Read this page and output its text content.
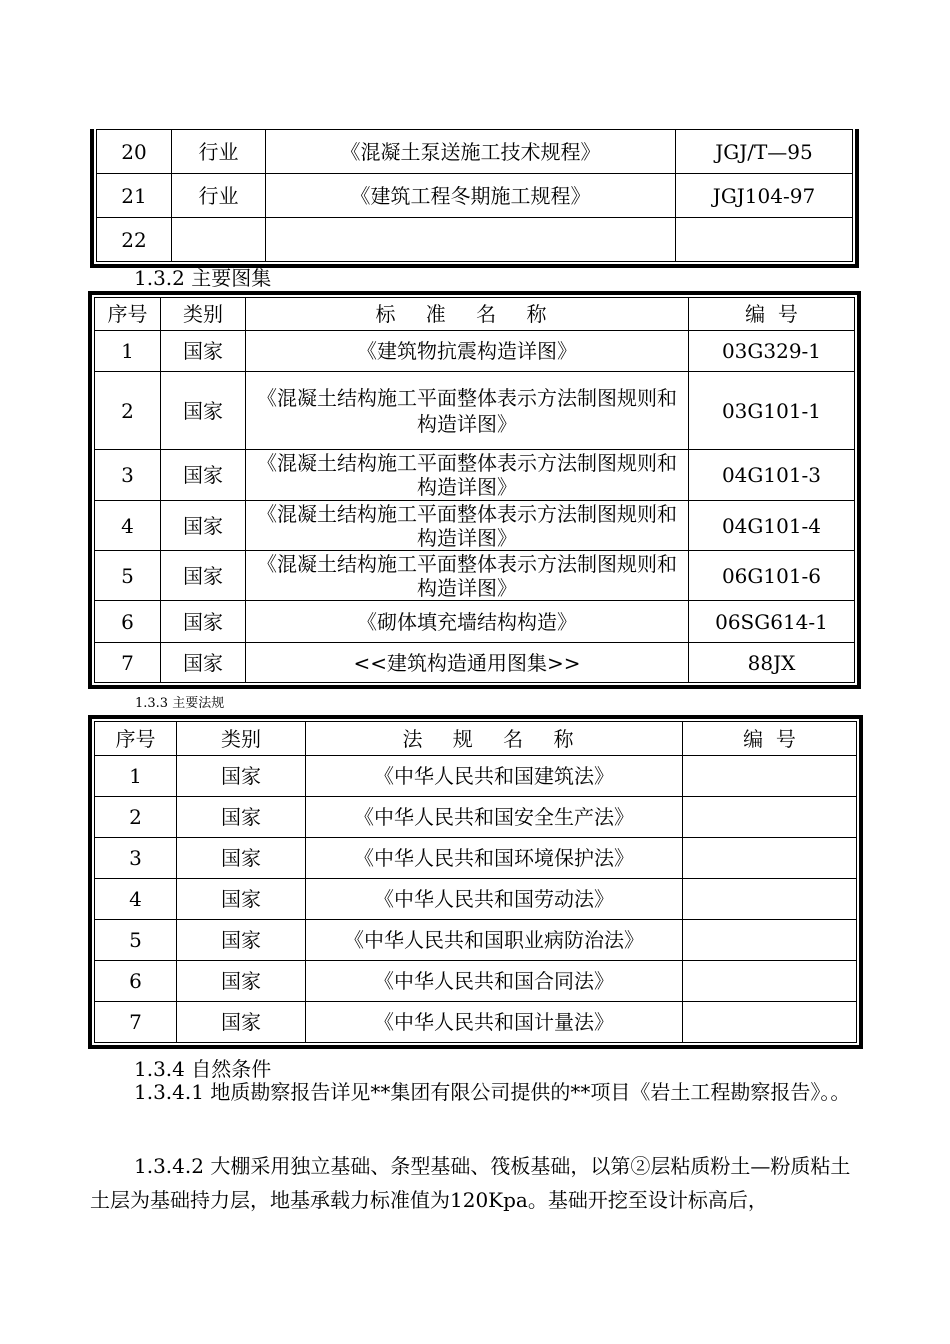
20	行业	《混凝土泵送施工技术规程》	JGJ/T—95
21	行业	《建筑工程冬期施工规程》	JGJ104-97
22			
1.3.2 主要图集
序号	类别	标 准 名 称	编  号
1	国家	《建筑物抗震构造详图》	03G329-1
2	国家	《混凝土结构施工平面整体表示方法制图规则和构造详图》	03G101-1
3	国家	《混凝土结构施工平面整体表示方法制图规则和构造详图》	04G101-3
4	国家	《混凝土结构施工平面整体表示方法制图规则和构造详图》	04G101-4
5	国家	《混凝土结构施工平面整体表示方法制图规则和构造详图》	06G101-6
6	国家	《砌体填充墙结构构造》	06SG614-1
7	国家	<<建筑构造通用图集>>	88JX
1.3.3 主要法规
序号	类别	法 规 名 称	编  号
1	国家	《中华人民共和国建筑法》	
2	国家	《中华人民共和国安全生产法》	
3	国家	《中华人民共和国环境保护法》	
4	国家	《中华人民共和国劳动法》	
5	国家	《中华人民共和国职业病防治法》	
6	国家	《中华人民共和国合同法》	
7	国家	《中华人民共和国计量法》	
1.3.4 自然条件

1.3.4.1 地质勘察报告详见**集团有限公司提供的**项目《岩土工程勘察报告》。。

1.3.4.2 大棚采用独立基础、条型基础、筏板基础，以第②层粘质粉土—粉质粘土土层为基础持力层，地基承载力标准值为120Kpa。基础开挖至设计标高后，
